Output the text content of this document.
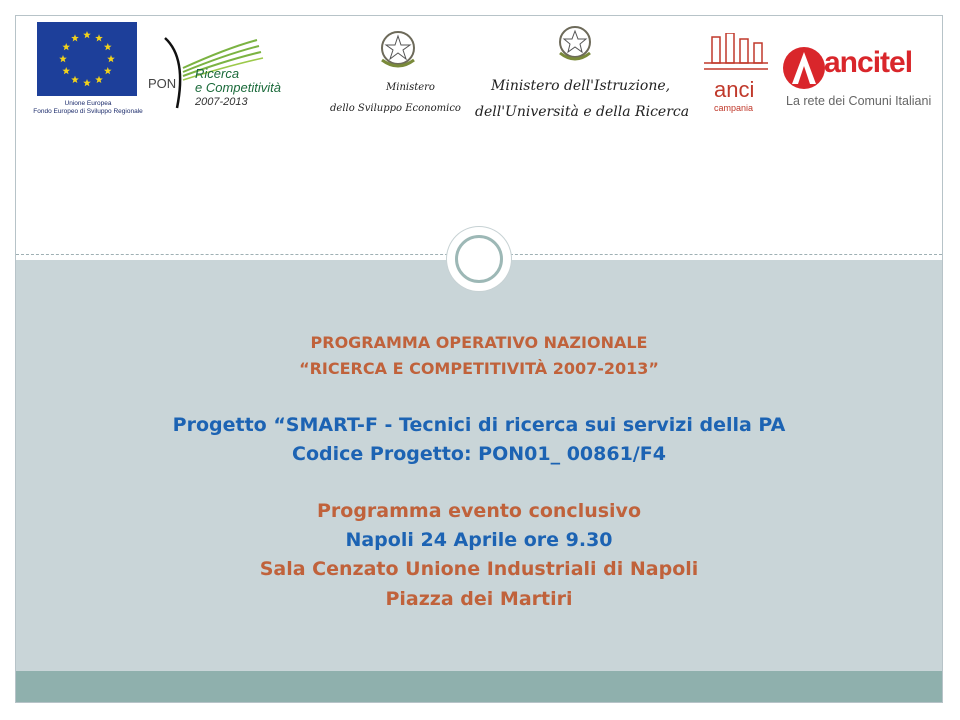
Unione Europea
Fondo Europeo di Sviluppo Regionale
Ricerca
e Competitività
PON
2007-2013
Ministero
dello Sviluppo Economico
Ministero dell'Istruzione,
dell'Università e della Ricerca
anci
campania
ancitel
La rete dei Comuni Italiani
PROGRAMMA OPERATIVO NAZIONALE
“RICERCA E COMPETITIVITÀ 2007-2013”
Progetto “SMART-F - Tecnici di ricerca sui servizi della PA
Codice Progetto: PON01_ 00861/F4
Programma evento conclusivo
Napoli 24 Aprile ore 9.30
Sala Cenzato Unione Industriali di Napoli
Piazza dei Martiri
